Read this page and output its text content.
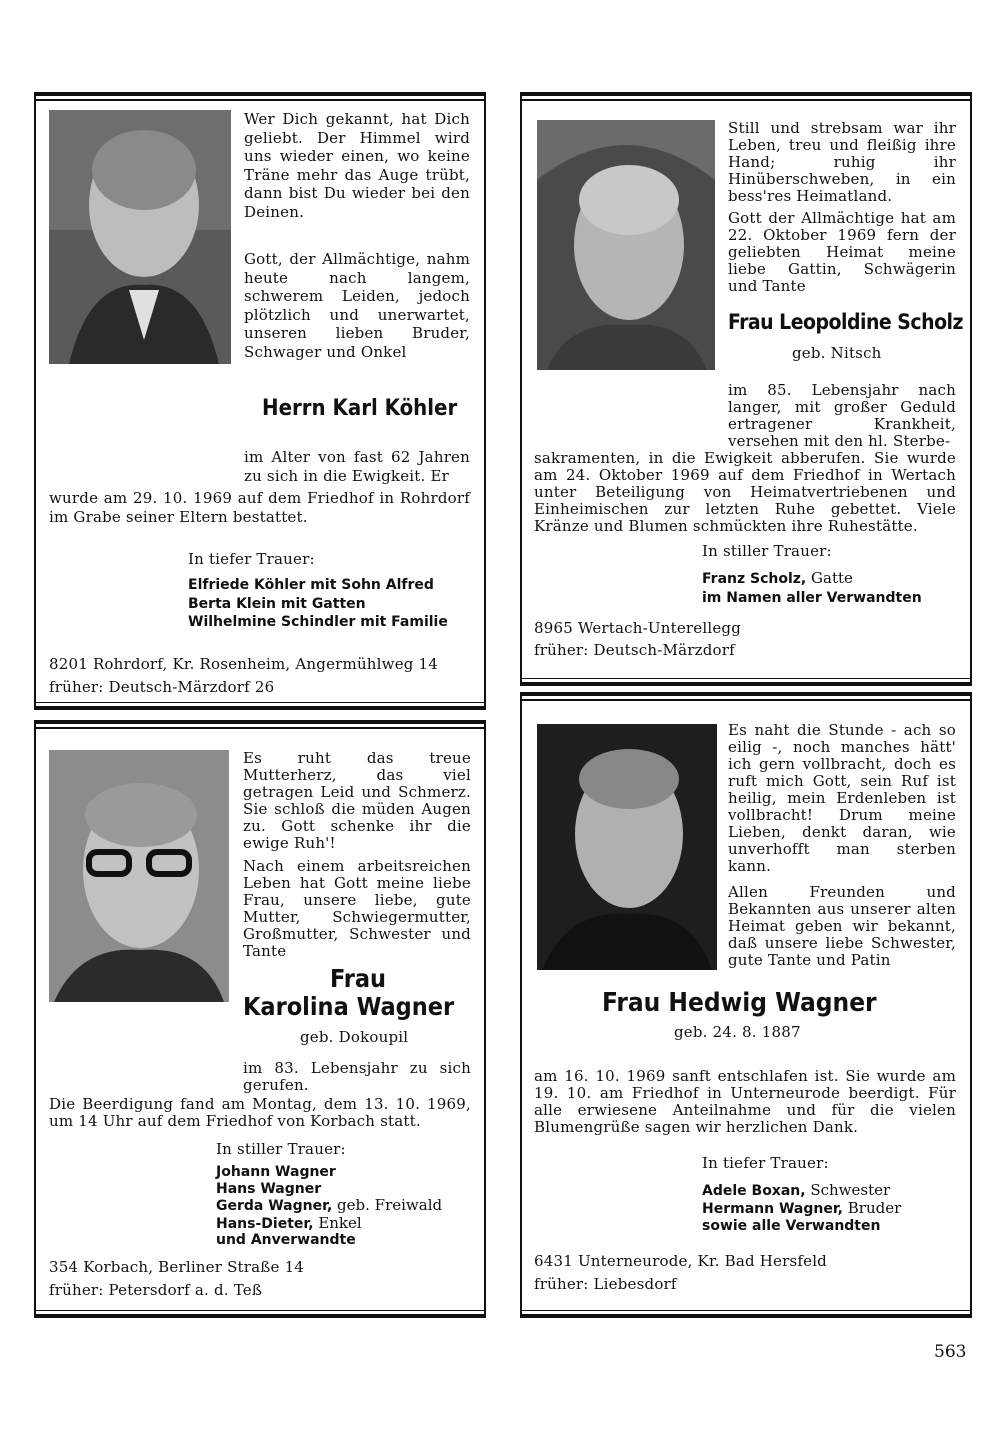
Wer Dich gekannt, hat Dich geliebt. Der Himmel wird uns wieder einen, wo keine Träne mehr das Auge trübt, dann bist Du wieder bei den Deinen.
Gott, der Allmächtige, nahm heute nach langem, schwerem Leiden, jedoch plötzlich und unerwartet, unseren lieben Bruder, Schwager und Onkel
Herrn Karl Köhler
im Alter von fast 62 Jahren zu sich in die Ewigkeit. Er
wurde am 29. 10. 1969 auf dem Friedhof in Rohrdorf im Grabe seiner Eltern bestattet.
In tiefer Trauer:
Elfriede Köhler mit Sohn Alfred
Berta Klein mit Gatten
Wilhelmine Schindler mit Familie
8201 Rohrdorf, Kr. Rosenheim, Angermühlweg 14
früher: Deutsch-Märzdorf 26
Still und strebsam war ihr Leben, treu und fleißig ihre Hand; ruhig ihr Hinüberschweben, in ein bess'res Heimatland.
Gott der Allmächtige hat am 22. Oktober 1969 fern der geliebten Heimat meine liebe Gattin, Schwägerin und Tante
Frau Leopoldine Scholz
geb. Nitsch
im 85. Lebensjahr nach langer, mit großer Geduld ertragener Krankheit, versehen mit den hl. Sterbe-
sakramenten, in die Ewigkeit abberufen. Sie wurde am 24. Oktober 1969 auf dem Friedhof in Wertach unter Beteiligung von Heimatvertriebenen und Einheimischen zur letzten Ruhe gebettet. Viele Kränze und Blumen schmückten ihre Ruhestätte.
In stiller Trauer:
Franz Scholz, Gatte
im Namen aller Verwandten
8965 Wertach-Unterellegg
früher: Deutsch-Märzdorf
Es ruht das treue Mutterherz, das viel getragen Leid und Schmerz. Sie schloß die müden Augen zu. Gott schenke ihr die ewige Ruh'!
Nach einem arbeitsreichen Leben hat Gott meine liebe Frau, unsere liebe, gute Mutter, Schwiegermutter, Großmutter, Schwester und Tante
Frau
Karolina Wagner
geb. Dokoupil
im 83. Lebensjahr zu sich gerufen.
Die Beerdigung fand am Montag, dem 13. 10. 1969, um 14 Uhr auf dem Friedhof von Korbach statt.
In stiller Trauer:
Johann Wagner
Hans Wagner
Gerda Wagner, geb. Freiwald
Hans-Dieter, Enkel
und Anverwandte
354 Korbach, Berliner Straße 14
früher: Petersdorf a. d. Teß
Es naht die Stunde - ach so eilig -, noch manches hätt' ich gern vollbracht, doch es ruft mich Gott, sein Ruf ist heilig, mein Erdenleben ist vollbracht! Drum meine Lieben, denkt daran, wie unverhofft man sterben kann.
Allen Freunden und Bekannten aus unserer alten Heimat geben wir bekannt, daß unsere liebe Schwester, gute Tante und Patin
Frau Hedwig Wagner
geb. 24. 8. 1887
am 16. 10. 1969 sanft entschlafen ist. Sie wurde am 19. 10. am Friedhof in Unterneurode beerdigt. Für alle erwiesene Anteilnahme und für die vielen Blumengrüße sagen wir herzlichen Dank.
In tiefer Trauer:
Adele Boxan, Schwester
Hermann Wagner, Bruder
sowie alle Verwandten
6431 Unterneurode, Kr. Bad Hersfeld
früher: Liebesdorf
563
